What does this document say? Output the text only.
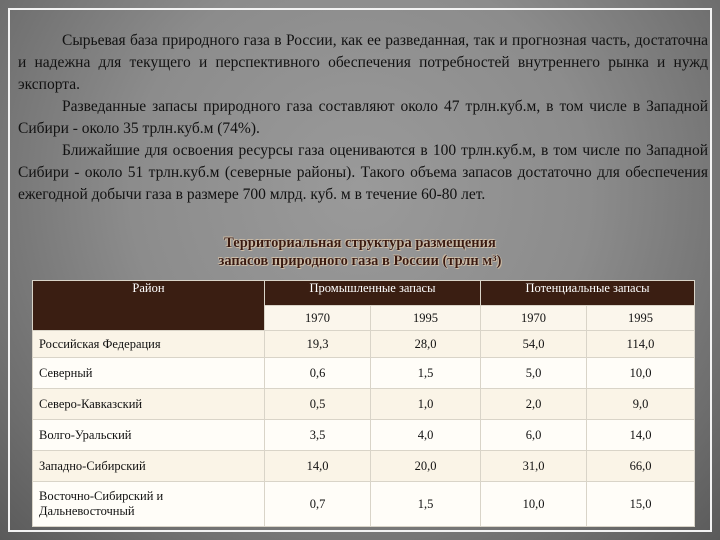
Сырьевая база природного газа в России, как ее разведанная, так и прогнозная часть, достаточна и надежна для текущего и перспективного обеспечения потребностей внутреннего рынка и нужд экспорта.

Разведанные запасы природного газа составляют около 47 трлн.куб.м, в том числе в Западной Сибири - около 35 трлн.куб.м (74%).

Ближайшие для освоения ресурсы газа оцениваются в 100 трлн.куб.м, в том числе по Западной Сибири - около 51 трлн.куб.м (северные районы). Такого объема запасов достаточно для обеспечения ежегодной добычи газа в размере 700 млрд. куб. м в течение 60-80 лет.

Территориальная структура размещения
запасов природного газа в России (трлн м³)
Район	Промышленные запасы		Потенциальные запасы	
	1970	1995	1970	1995
Российская Федерация	19,3	28,0	54,0	114,0
Северный	0,6	1,5	5,0	10,0
Северо-Кавказский	0,5	1,0	2,0	9,0
Волго-Уральский	3,5	4,0	6,0	14,0
Западно-Сибирский	14,0	20,0	31,0	66,0
Восточно-Сибирский и Дальневосточный	0,7	1,5	10,0	15,0
